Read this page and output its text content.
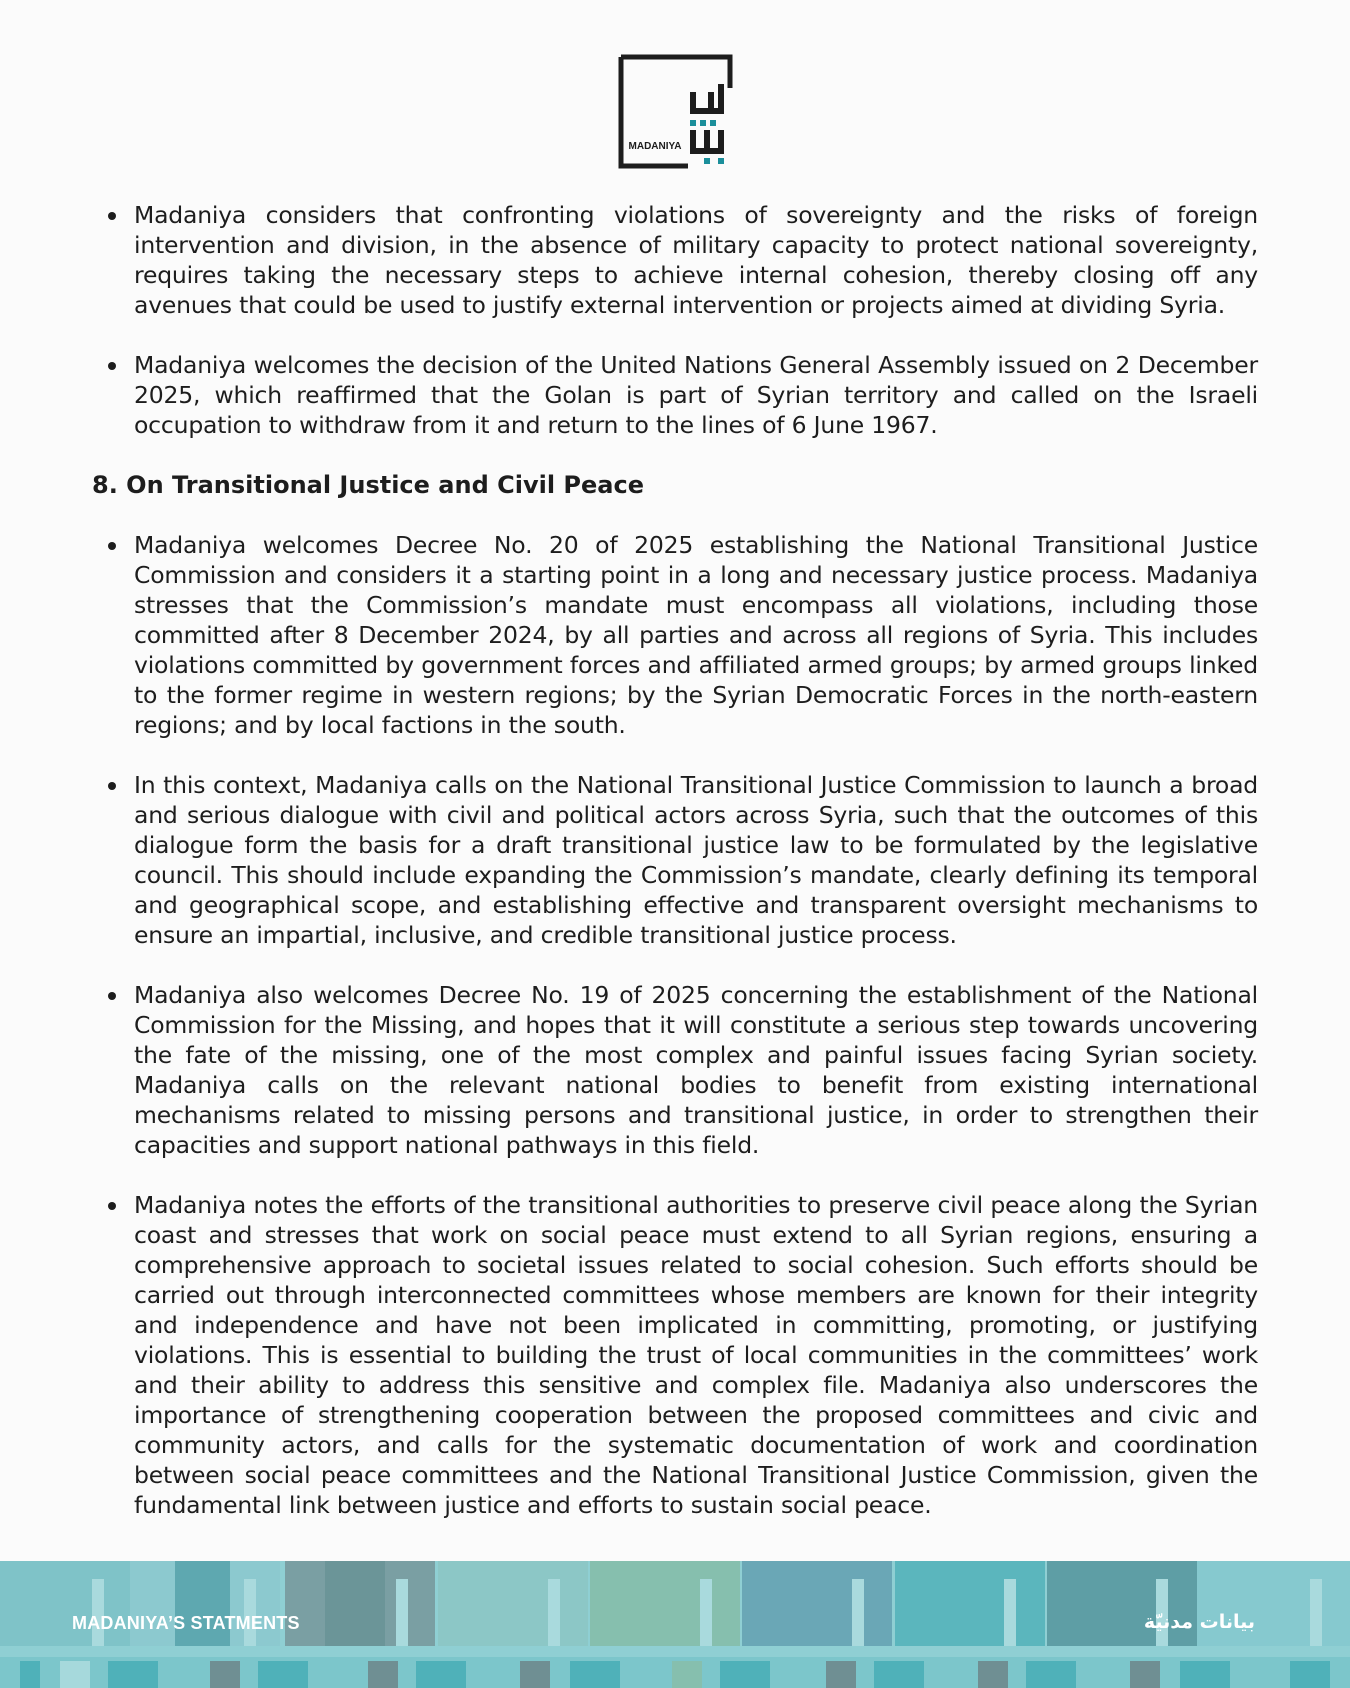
MADANIYA
Madaniya considers that confronting violations of sovereignty and the risks of foreign intervention and division, in the absence of military capacity to protect national sovereignty, requires taking the necessary steps to achieve internal cohesion, thereby closing off any avenues that could be used to justify external intervention or projects aimed at dividing Syria.
Madaniya welcomes the decision of the United Nations General Assembly issued on 2 December 2025, which reaffirmed that the Golan is part of Syrian territory and called on the Israeli occupation to withdraw from it and return to the lines of 6 June 1967.
8. On Transitional Justice and Civil Peace
Madaniya welcomes Decree No. 20 of 2025 establishing the National Transitional Justice Commission and considers it a starting point in a long and necessary justice process. Madaniya stresses that the Commission’s mandate must encompass all violations, including those committed after 8 December 2024, by all parties and across all regions of Syria. This includes violations committed by government forces and affiliated armed groups; by armed groups linked to the former regime in western regions; by the Syrian Democratic Forces in the north-eastern regions; and by local factions in the south.
In this context, Madaniya calls on the National Transitional Justice Commission to launch a broad and serious dialogue with civil and political actors across Syria, such that the outcomes of this dialogue form the basis for a draft transitional justice law to be formulated by the legislative council. This should include expanding the Commission’s mandate, clearly defining its temporal and geographical scope, and establishing effective and transparent oversight mechanisms to ensure an impartial, inclusive, and credible transitional justice process.
Madaniya also welcomes Decree No. 19 of 2025 concerning the establishment of the National Commission for the Missing, and hopes that it will constitute a serious step towards uncovering the fate of the missing, one of the most complex and painful issues facing Syrian society. Madaniya calls on the relevant national bodies to benefit from existing international mechanisms related to missing persons and transitional justice, in order to strengthen their capacities and support national pathways in this field.
Madaniya notes the efforts of the transitional authorities to preserve civil peace along the Syrian coast and stresses that work on social peace must extend to all Syrian regions, ensuring a comprehensive approach to societal issues related to social cohesion. Such efforts should be carried out through interconnected committees whose members are known for their integrity and independence and have not been implicated in committing, promoting, or justifying violations. This is essential to building the trust of local communities in the committees’ work and their ability to address this sensitive and complex file. Madaniya also underscores the importance of strengthening cooperation between the proposed committees and civic and community actors, and calls for the systematic documentation of work and coordination between social peace committees and the National Transitional Justice Commission, given the fundamental link between justice and efforts to sustain social peace.
MADANIYA’S STATMENTS	بيانات مدنيّة
